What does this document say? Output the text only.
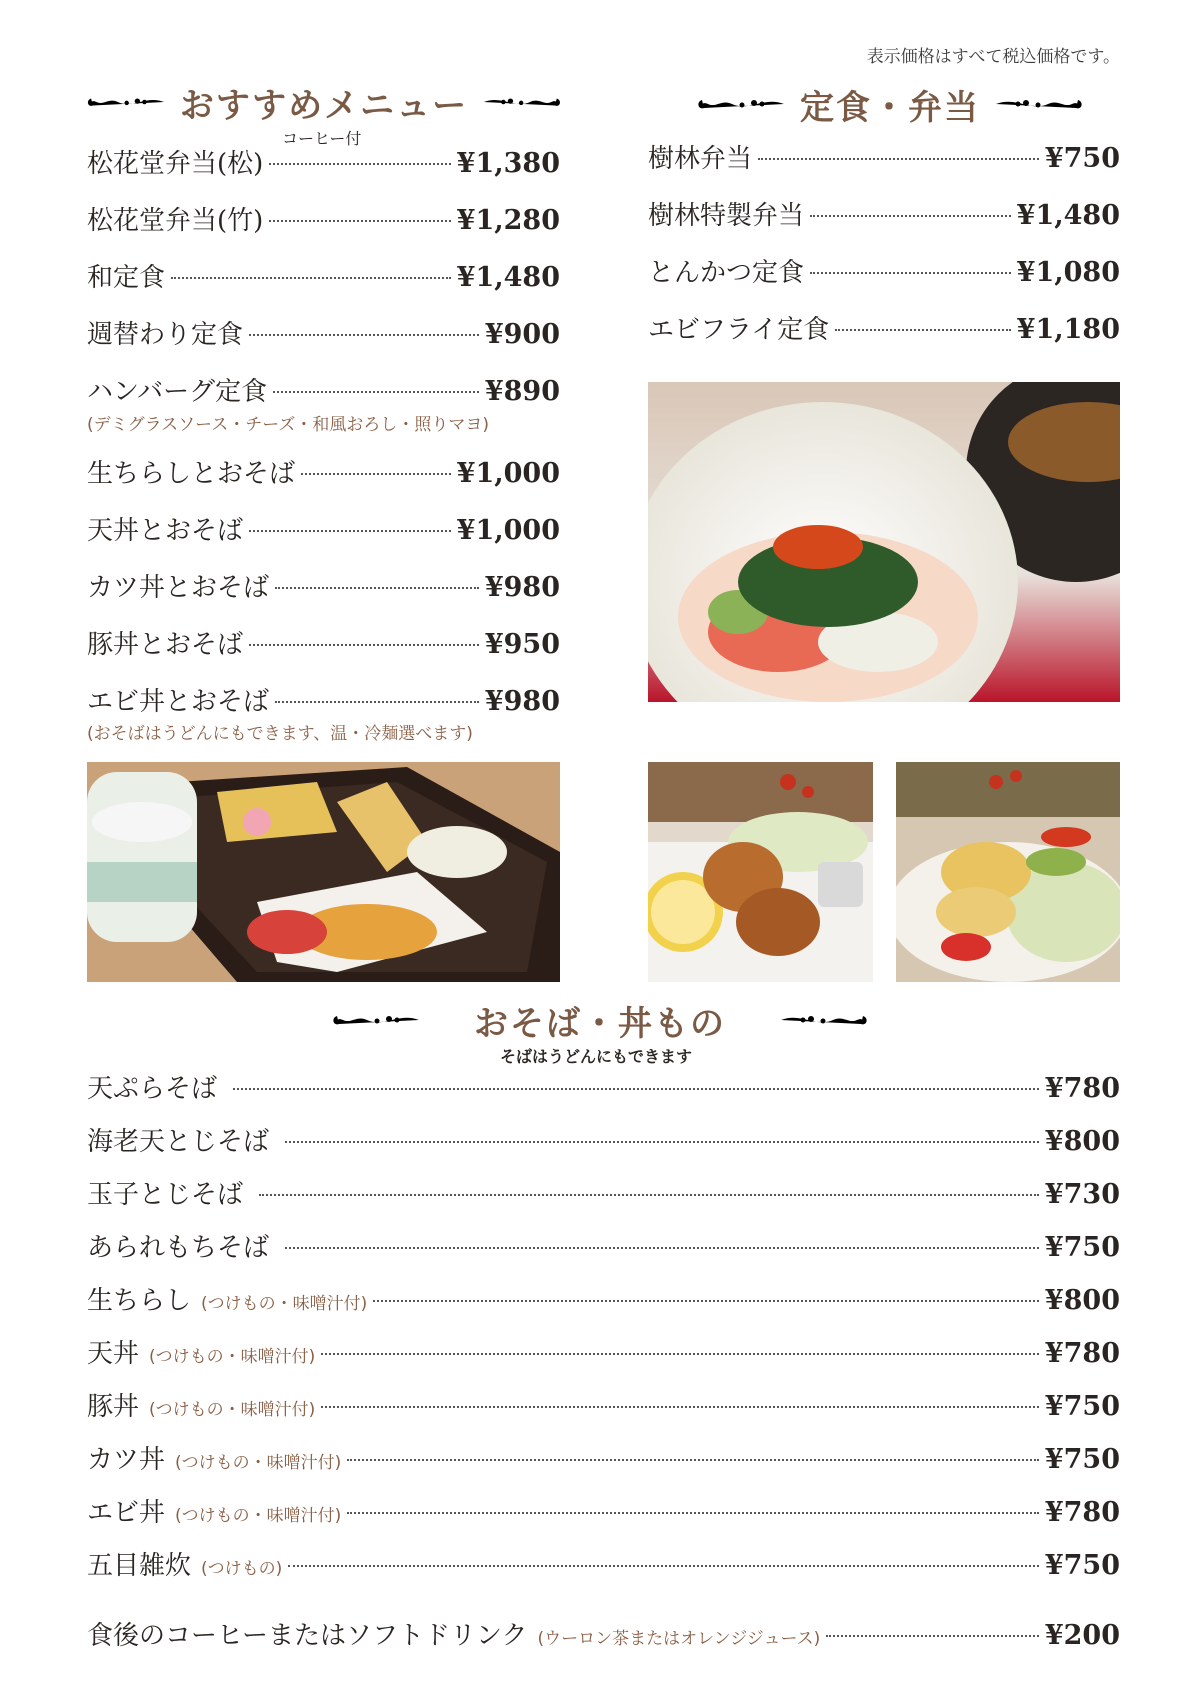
表示価格はすべて税込価格です。
おすすめメニュー
コーヒー付
定食・弁当
松花堂弁当(松)	¥1,380
松花堂弁当(竹)	¥1,280
和定食	¥1,480
週替わり定食	¥900
ハンバーグ定食	¥890
(デミグラスソース・チーズ・和風おろし・照りマヨ)
生ちらしとおそば	¥1,000
天丼とおそば	¥1,000
カツ丼とおそば	¥980
豚丼とおそば	¥950
エビ丼とおそば	¥980
(おそばはうどんにもできます、温・冷麺選べます)
樹林弁当	¥750
樹林特製弁当	¥1,480
とんかつ定食	¥1,080
エビフライ定食	¥1,180
おそば・丼もの
そばはうどんにもできます
天ぷらそば	¥780
海老天とじそば	¥800
玉子とじそば	¥730
あられもちそば	¥750
生ちらし (つけもの・味噌汁付)	¥800
天丼 (つけもの・味噌汁付)	¥780
豚丼 (つけもの・味噌汁付)	¥750
カツ丼 (つけもの・味噌汁付)	¥750
エビ丼 (つけもの・味噌汁付)	¥780
五目雑炊 (つけもの)	¥750
食後のコーヒーまたはソフトドリンク (ウーロン茶またはオレンジジュース)	¥200
